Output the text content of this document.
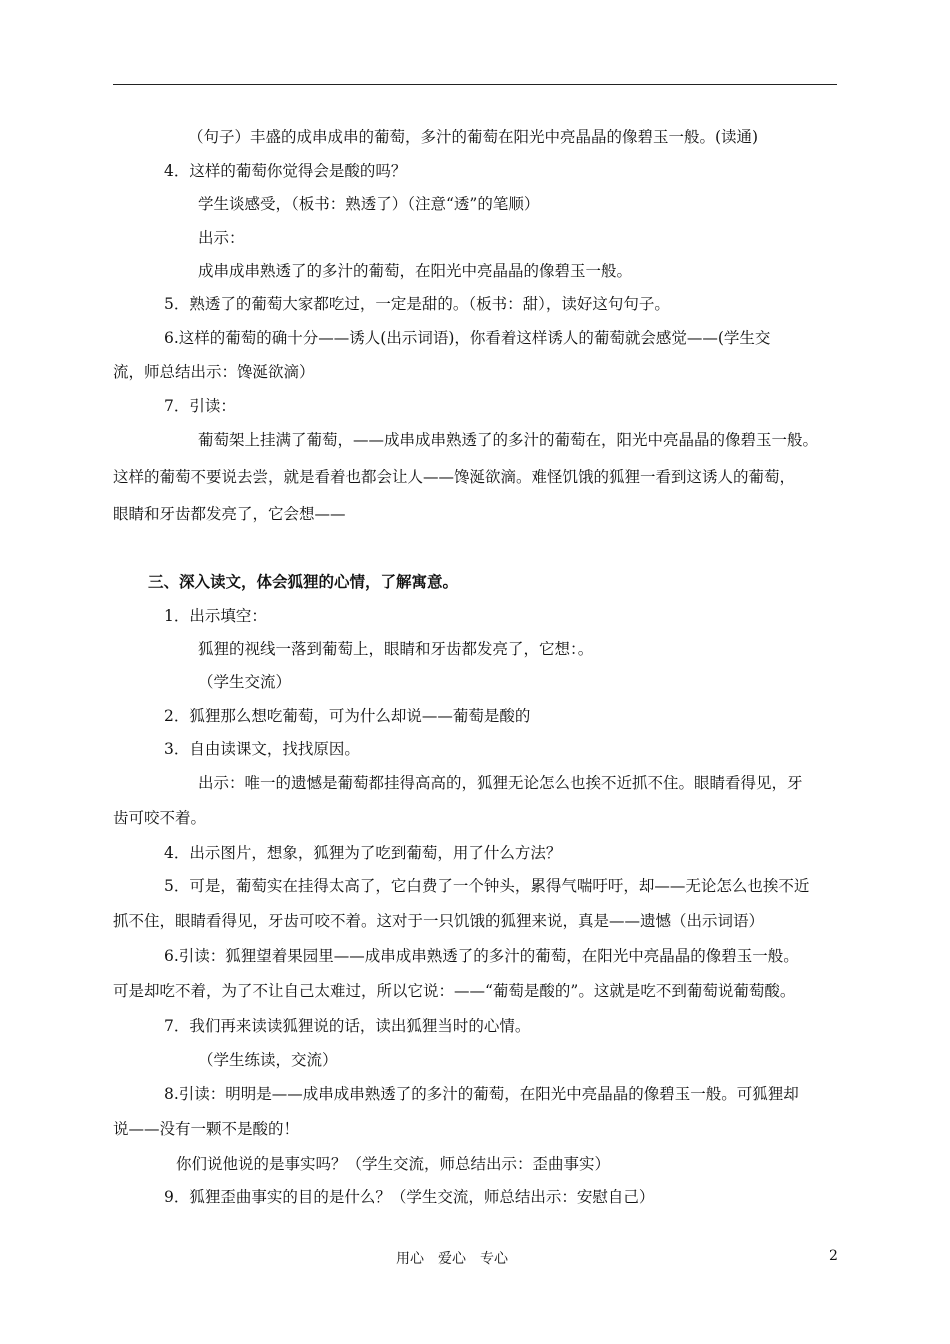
（句子）丰盛的成串成串的葡萄，多汁的葡萄在阳光中亮晶晶的像碧玉一般。(读通)
4．这样的葡萄你觉得会是酸的吗？
学生谈感受，（板书：熟透了）（注意“透”的笔顺）
出示：
成串成串熟透了的多汁的葡萄，在阳光中亮晶晶的像碧玉一般。
5．熟透了的葡萄大家都吃过，一定是甜的。（板书：甜），读好这句句子。
6.这样的葡萄的确十分——诱人(出示词语)，你看着这样诱人的葡萄就会感觉——(学生交
流，师总结出示：馋涎欲滴）
7．引读：
葡萄架上挂满了葡萄，——成串成串熟透了的多汁的葡萄在，阳光中亮晶晶的像碧玉一般。
这样的葡萄不要说去尝，就是看着也都会让人——馋涎欲滴。难怪饥饿的狐狸一看到这诱人的葡萄，
眼睛和牙齿都发亮了，它会想——
三、深入读文，体会狐狸的心情，了解寓意。
1．出示填空：
狐狸的视线一落到葡萄上，眼睛和牙齿都发亮了，它想：。
（学生交流）
2．狐狸那么想吃葡萄，可为什么却说——葡萄是酸的
3．自由读课文，找找原因。
出示：唯一的遗憾是葡萄都挂得高高的，狐狸无论怎么也挨不近抓不住。眼睛看得见，牙
齿可咬不着。
4．出示图片，想象，狐狸为了吃到葡萄，用了什么方法？
5．可是，葡萄实在挂得太高了，它白费了一个钟头，累得气喘吁吁，却——无论怎么也挨不近
抓不住，眼睛看得见，牙齿可咬不着。这对于一只饥饿的狐狸来说，真是——遗憾（出示词语）
6.引读：狐狸望着果园里——成串成串熟透了的多汁的葡萄，在阳光中亮晶晶的像碧玉一般。
可是却吃不着，为了不让自己太难过，所以它说：——“葡萄是酸的”。这就是吃不到葡萄说葡萄酸。
7．我们再来读读狐狸说的话，读出狐狸当时的心情。
（学生练读，交流）
8.引读：明明是——成串成串熟透了的多汁的葡萄，在阳光中亮晶晶的像碧玉一般。可狐狸却
说——没有一颗不是酸的！
你们说他说的是事实吗？（学生交流，师总结出示：歪曲事实）
9．狐狸歪曲事实的目的是什么？（学生交流，师总结出示：安慰自己）
用心　爱心　专心	2
